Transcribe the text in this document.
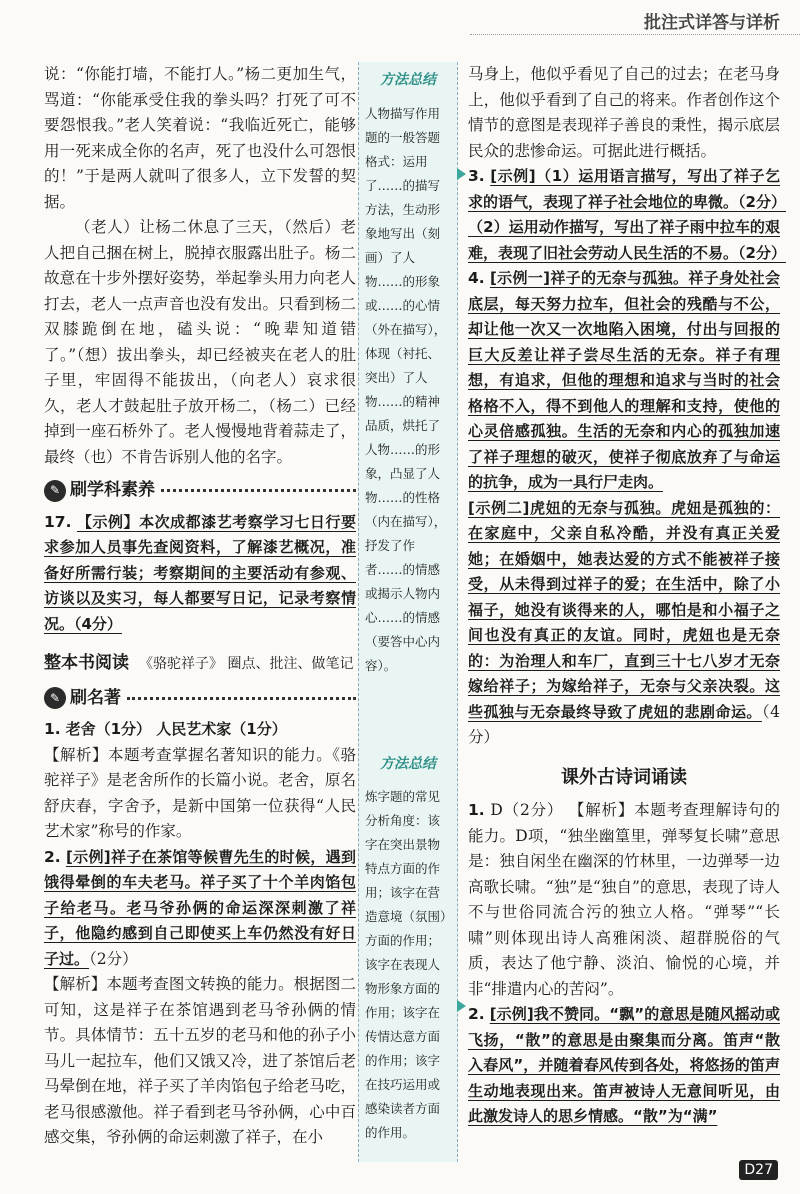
批注式详答与详析

说：“你能打墙，不能打人。”杨二更加生气，骂道：“你能承受住我的拳头吗？打死了可不要怨恨我。”老人笑着说：“我临近死亡，能够用一死来成全你的名声，死了也没什么可怨恨的！”于是两人就叫了很多人，立下发誓的契据。

（老人）让杨二休息了三天，（然后）老人把自己捆在树上，脱掉衣服露出肚子。杨二故意在十步外摆好姿势，举起拳头用力向老人打去，老人一点声音也没有发出。只看到杨二双膝跪倒在地，磕头说：“晚辈知道错了。”（想）拔出拳头，却已经被夹在老人的肚子里，牢固得不能拔出，（向老人）哀求很久，老人才鼓起肚子放开杨二，（杨二）已经掉到一座石桥外了。老人慢慢地背着蒜走了，最终（也）不肯告诉别人他的名字。

✎ 刷学科素养

17. 【示例】本次成都漆艺考察学习七日行要求参加人员事先查阅资料，了解漆艺概况，准备好所需行装；考察期间的主要活动有参观、访谈以及实习，每人都要写日记，记录考察情况。（4分）

整本书阅读 《骆驼祥子》 圈点、批注、做笔记
✎ 刷名著

1. 老舍（1分） 人民艺术家（1分）

【解析】本题考查掌握名著知识的能力。《骆驼祥子》是老舍所作的长篇小说。老舍，原名舒庆春，字舍予，是新中国第一位获得“人民艺术家”称号的作家。

2. [示例]祥子在茶馆等候曹先生的时候，遇到饿得晕倒的车夫老马。祥子买了十个羊肉馅包子给老马。老马爷孙俩的命运深深刺激了祥子，他隐约感到自己即使买上车仍然没有好日子过。（2分）

【解析】本题考查图文转换的能力。根据图二可知，这是祥子在茶馆遇到老马爷孙俩的情节。具体情节：五十五岁的老马和他的孙子小马儿一起拉车，他们又饿又冷，进了茶馆后老马晕倒在地，祥子买了羊肉馅包子给老马吃，老马很感激他。祥子看到老马爷孙俩，心中百感交集，爷孙俩的命运刺激了祥子，在小

方法总结
人物描写作用题的一般答题格式：运用了……的描写方法，生动形象地写出（刻画）了人物……的形象或……的心情（外在描写），体现（衬托、突出）了人物……的精神品质，烘托了人物……的形象，凸显了人物……的性格（内在描写），抒发了作者……的情感或揭示人物内心……的情感（要答中心内容）。
方法总结
炼字题的常见分析角度：该字在突出景物特点方面的作用；该字在营造意境（氛围）方面的作用；该字在表现人物形象方面的作用；该字在传情达意方面的作用；该字在技巧运用或感染读者方面的作用。

马身上，他似乎看见了自己的过去；在老马身上，他似乎看到了自己的将来。作者创作这个情节的意图是表现祥子善良的秉性，揭示底层民众的悲惨命运。可据此进行概括。

3. [示例]（1）运用语言描写，写出了祥子乞求的语气，表现了祥子社会地位的卑微。（2分）

（2）运用动作描写，写出了祥子雨中拉车的艰难，表现了旧社会劳动人民生活的不易。（2分）

4. [示例一]祥子的无奈与孤独。祥子身处社会底层，每天努力拉车，但社会的残酷与不公，却让他一次又一次地陷入困境，付出与回报的巨大反差让祥子尝尽生活的无奈。祥子有理想，有追求，但他的理想和追求与当时的社会格格不入，得不到他人的理解和支持，使他的心灵倍感孤独。生活的无奈和内心的孤独加速了祥子理想的破灭，使祥子彻底放弃了与命运的抗争，成为一具行尸走肉。

[示例二]虎妞的无奈与孤独。虎妞是孤独的：在家庭中，父亲自私冷酷，并没有真正关爱她；在婚姻中，她表达爱的方式不能被祥子接受，从未得到过祥子的爱；在生活中，除了小福子，她没有谈得来的人，哪怕是和小福子之间也没有真正的友谊。同时，虎妞也是无奈的：为治理人和车厂，直到三十七八岁才无奈嫁给祥子；为嫁给祥子，无奈与父亲决裂。这些孤独与无奈最终导致了虎妞的悲剧命运。（4分）

课外古诗词诵读

1. D（2分） 【解析】本题考查理解诗句的能力。D项，“独坐幽篁里，弹琴复长啸”意思是：独自闲坐在幽深的竹林里，一边弹琴一边高歌长啸。“独”是“独自”的意思，表现了诗人不与世俗同流合污的独立人格。“弹琴”“长啸”则体现出诗人高雅闲淡、超群脱俗的气质，表达了他宁静、淡泊、愉悦的心境，并非“排遣内心的苦闷”。

2. [示例]我不赞同。“飘”的意思是随风摇动或飞扬，“散”的意思是由聚集而分离。笛声“散入春风”，并随着春风传到各处，将悠扬的笛声生动地表现出来。笛声被诗人无意间听见，由此激发诗人的思乡情感。“散”为“满”

D27
